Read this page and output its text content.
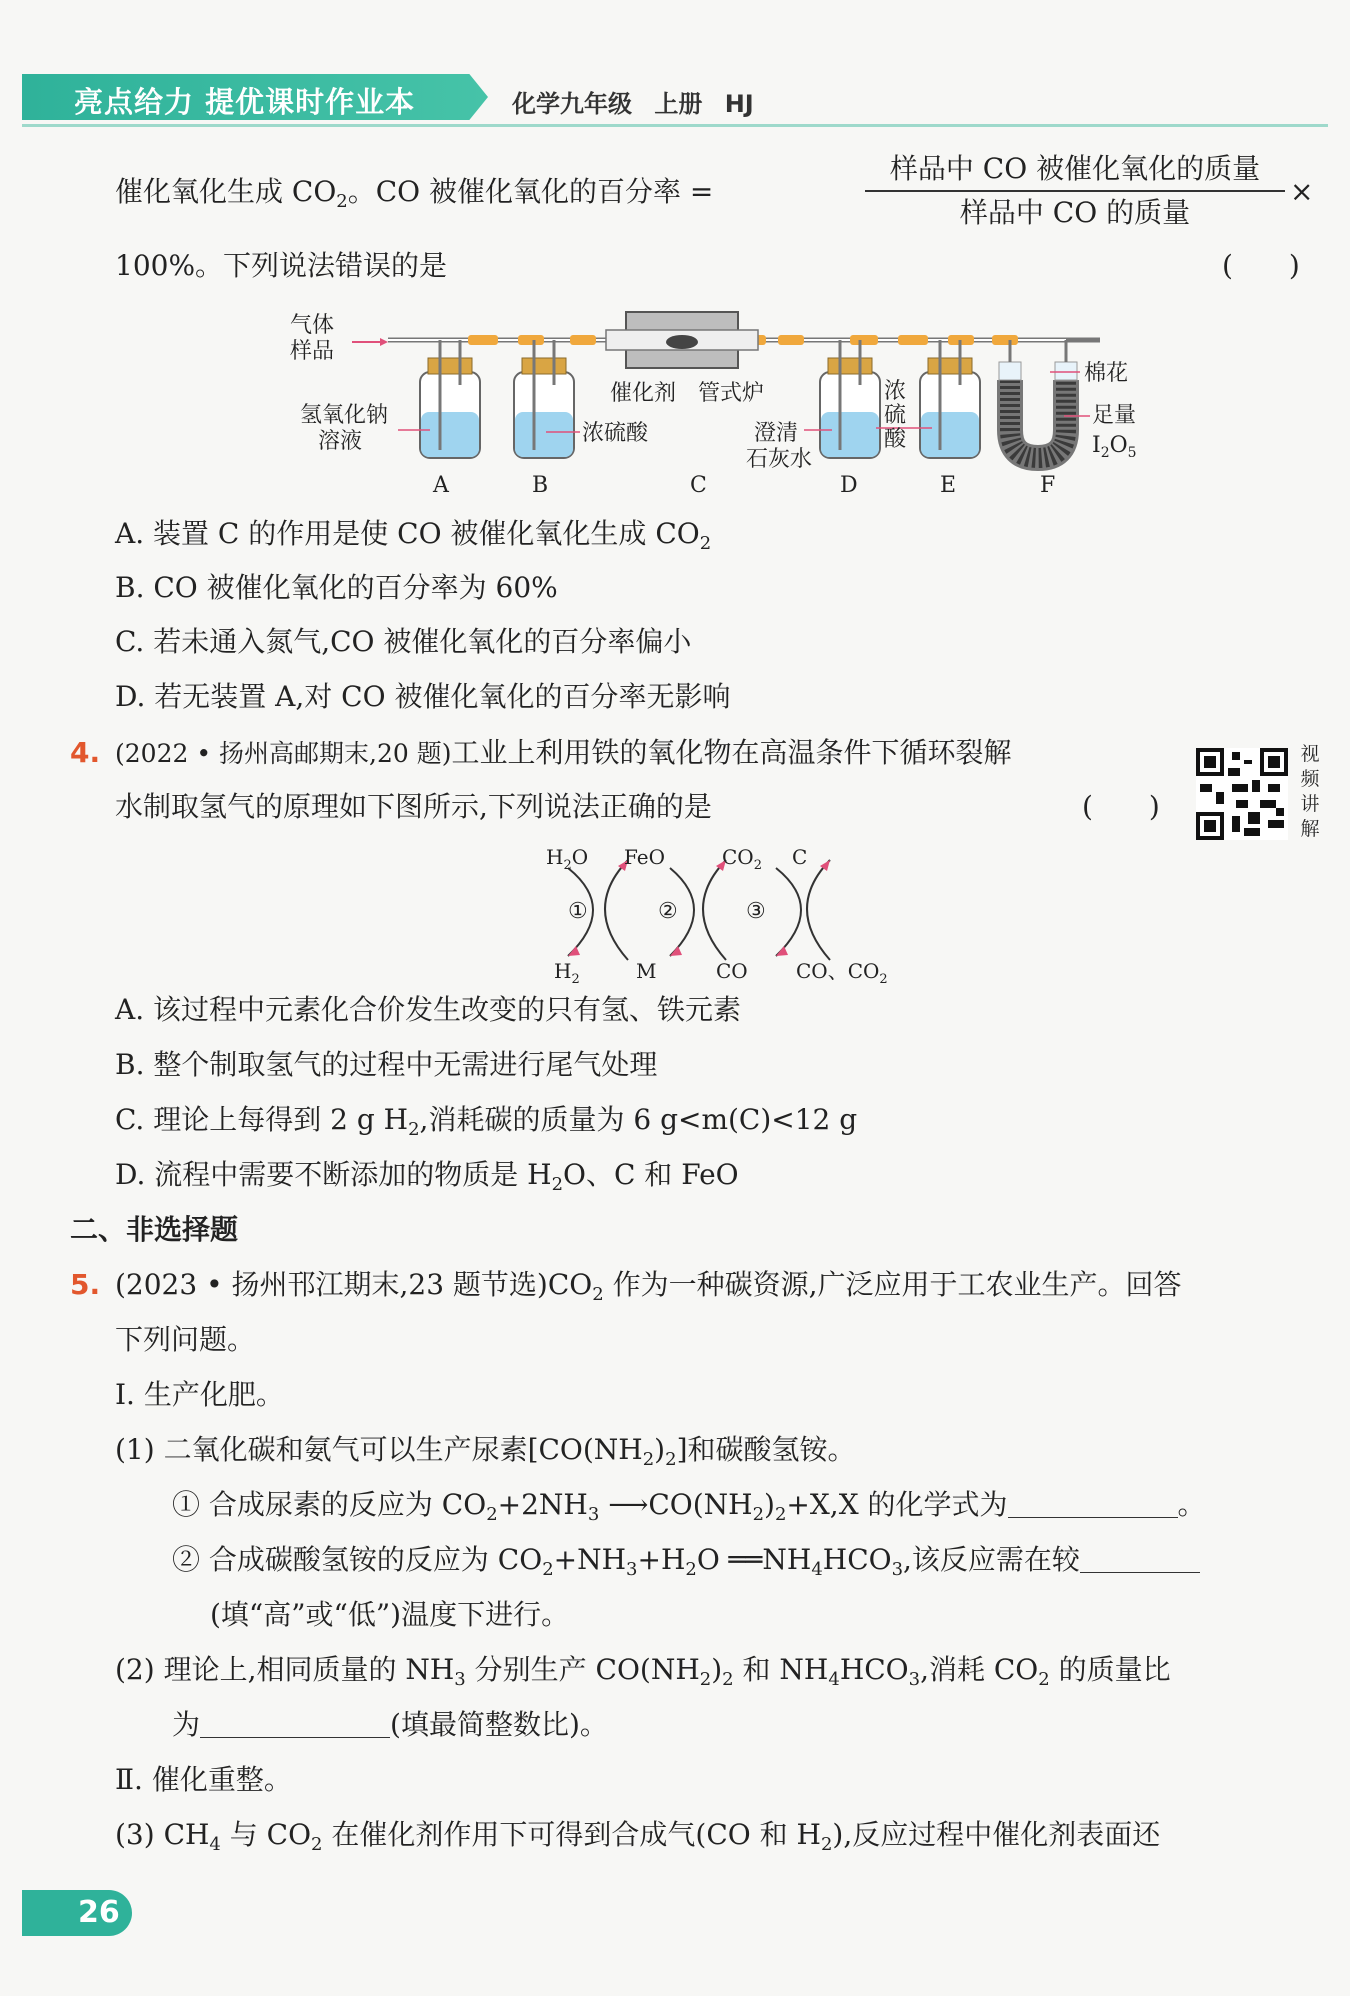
亮点给力 提优课时作业本	化学九年级 上册 HJ
催化氧化生成 $CO_2$。CO 被催化氧化的百分率 =
样品中 CO 被催化氧化的质量
样品中 CO 的质量
×
100%。下列说法错误的是	(　　)
气体
样品
氢氧化钠
溶液	浓硫酸
催化剂 管式炉
澄清
石灰水
浓
硫
酸
棉花
足量
$I_2O_5$
A	B	C	D	E	F
A. 装置 C 的作用是使 CO 被催化氧化生成 $CO_2$
B. CO 被催化氧化的百分率为 60%
C. 若未通入氮气,CO 被催化氧化的百分率偏小
D. 若无装置 A,对 CO 被催化氧化的百分率无影响
4. (2022 • 扬州高邮期末,20 题)工业上利用铁的氧化物在高温条件下循环裂解
水制取氢气的原理如下图所示,下列说法正确的是	(　　)
视
频
讲
解
$H_2O$ FeO	$CO_2$ C
$H_2$	M	CO CO、$CO_2$
①	②	③
A. 该过程中元素化合价发生改变的只有氢、铁元素
B. 整个制取氢气的过程中无需进行尾气处理
C. 理论上每得到 2 g $H_2$,消耗碳的质量为 6 g<m(C)<12 g
D. 流程中需要不断添加的物质是 $H_2O$、C 和 FeO
二、非选择题
5. (2023 • 扬州邗江期末,23 题节选)$CO_2$ 作为一种碳资源,广泛应用于工农业生产。回答
下列问题。
Ⅰ. 生产化肥。
(1) 二氧化碳和氨气可以生产尿素$[CO(NH_2)_2]$和碳酸氢铵。
① 合成尿素的反应为 $CO_2+2NH_3$ $⟶CO(NH_2)_2+X,X$ 的化学式为	。
② 合成碳酸氢铵的反应为 $CO_2+NH_3+H_2O$ $══NH_4HCO_3$,该反应需在较
(填“高”或“低”)温度下进行。
(2) 理论上,相同质量的 $NH_3$ 分别生产 $CO(NH_2)_2$ 和 $NH_4HCO_3$,消耗 $CO_2$ 的质量比
为	(填最简整数比)。
Ⅱ. 催化重整。
(3) $CH_4$ 与 $CO_2$ 在催化剂作用下可得到合成气(CO 和 $H_2$),反应过程中催化剂表面还
26
